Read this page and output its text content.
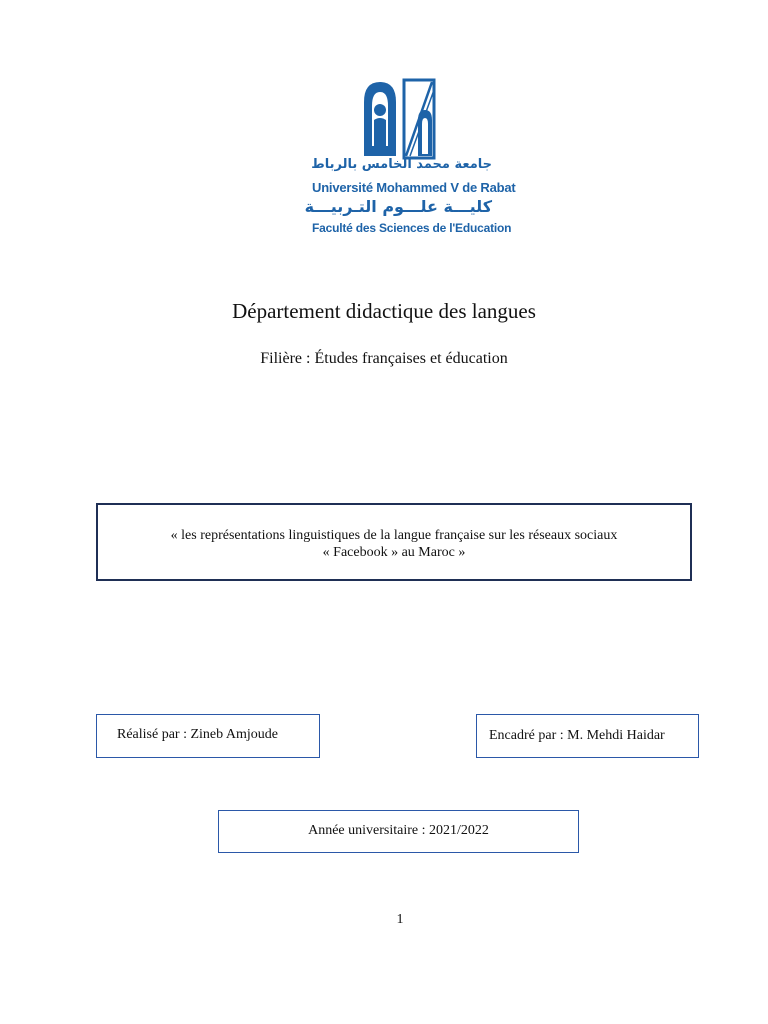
جامعة محمد الخامس بالرباط
Université Mohammed V de Rabat
كليـــة علـــوم التـربيـــة
Faculté des Sciences de l'Education
Département didactique des langues
Filière : Études françaises et éducation
« les représentations linguistiques de la langue française sur les réseaux sociaux
« Facebook » au Maroc »
Réalisé par : Zineb Amjoude	Encadré par : M. Mehdi Haidar
Année universitaire : 2021/2022
1
